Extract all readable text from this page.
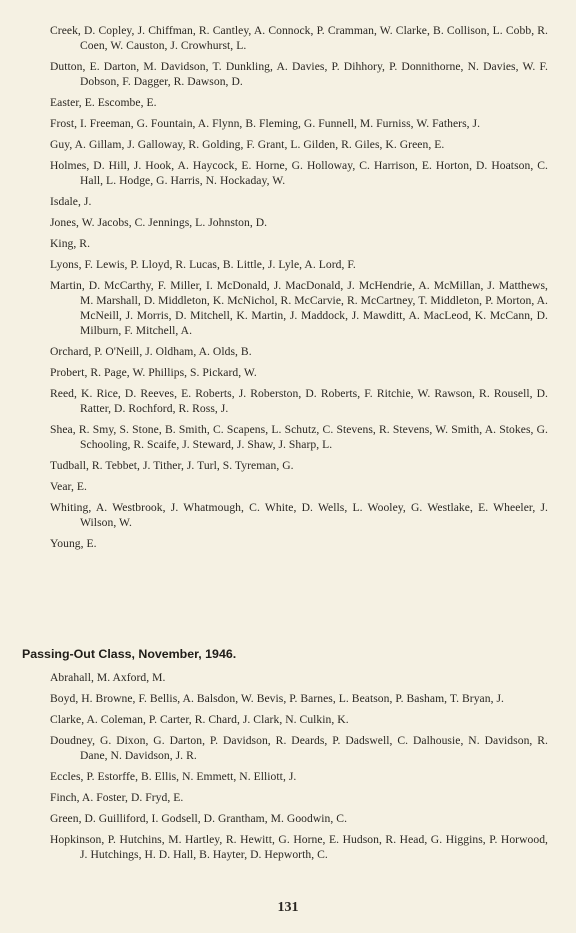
Creek, D. Copley, J. Chiffman, R. Cantley, A. Connock, P. Cramman, W. Clarke, B. Collison, L. Cobb, R. Coen, W. Causton, J. Crowhurst, L.

Dutton, E. Darton, M. Davidson, T. Dunkling, A. Davies, P. Dihhory, P. Donnithorne, N. Davies, W. F. Dobson, F. Dagger, R. Dawson, D.

Easter, E. Escombe, E.

Frost, I. Freeman, G. Fountain, A. Flynn, B. Fleming, G. Funnell, M. Furniss, W. Fathers, J.

Guy, A. Gillam, J. Galloway, R. Golding, F. Grant, L. Gilden, R. Giles, K. Green, E.

Holmes, D. Hill, J. Hook, A. Haycock, E. Horne, G. Holloway, C. Harrison, E. Horton, D. Hoatson, C. Hall, L. Hodge, G. Harris, N. Hockaday, W.

Isdale, J.

Jones, W. Jacobs, C. Jennings, L. Johnston, D.

King, R.

Lyons, F. Lewis, P. Lloyd, R. Lucas, B. Little, J. Lyle, A. Lord, F.

Martin, D. McCarthy, F. Miller, I. McDonald, J. MacDonald, J. McHendrie, A. McMillan, J. Matthews, M. Marshall, D. Middleton, K. McNichol, R. McCarvie, R. McCartney, T. Middleton, P. Morton, A. McNeill, J. Morris, D. Mitchell, K. Martin, J. Maddock, J. Mawditt, A. MacLeod, K. McCann, D. Milburn, F. Mitchell, A.

Orchard, P. O'Neill, J. Oldham, A. Olds, B.

Probert, R. Page, W. Phillips, S. Pickard, W.

Reed, K. Rice, D. Reeves, E. Roberts, J. Roberston, D. Roberts, F. Ritchie, W. Rawson, R. Rousell, D. Ratter, D. Rochford, R. Ross, J.

Shea, R. Smy, S. Stone, B. Smith, C. Scapens, L. Schutz, C. Stevens, R. Stevens, W. Smith, A. Stokes, G. Schooling, R. Scaife, J. Steward, J. Shaw, J. Sharp, L.

Tudball, R. Tebbet, J. Tither, J. Turl, S. Tyreman, G.

Vear, E.

Whiting, A. Westbrook, J. Whatmough, C. White, D. Wells, L. Wooley, G. Westlake, E. Wheeler, J. Wilson, W.

Young, E.

Passing-Out Class, November, 1946.

Abrahall, M. Axford, M.

Boyd, H. Browne, F. Bellis, A. Balsdon, W. Bevis, P. Barnes, L. Beatson, P. Basham, T. Bryan, J.

Clarke, A. Coleman, P. Carter, R. Chard, J. Clark, N. Culkin, K.

Doudney, G. Dixon, G. Darton, P. Davidson, R. Deards, P. Dadswell, C. Dalhousie, N. Davidson, R. Dane, N. Davidson, J. R.

Eccles, P. Estorffe, B. Ellis, N. Emmett, N. Elliott, J.

Finch, A. Foster, D. Fryd, E.

Green, D. Guilliford, I. Godsell, D. Grantham, M. Goodwin, C.

Hopkinson, P. Hutchins, M. Hartley, R. Hewitt, G. Horne, E. Hudson, R. Head, G. Higgins, P. Horwood, J. Hutchings, H. D. Hall, B. Hayter, D. Hepworth, C.

131
